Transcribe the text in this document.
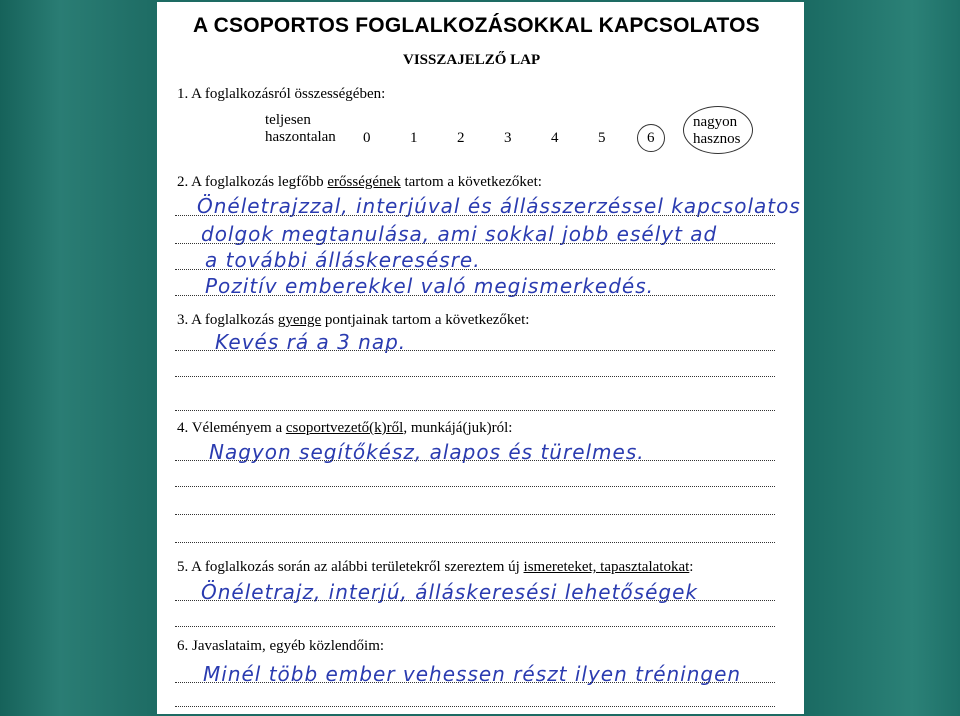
A CSOPORTOS FOGLALKOZÁSOKKAL KAPCSOLATOS
VISSZAJELZŐ LAP
1. A foglalkozásról összességében:
teljesen
haszontalan 0	1	2	3	4	5	6
nagyon
hasznos
2. A foglalkozás legfőbb erősségének tartom a következőket:
Önéletrajzzal, interjúval és állásszerzéssel kapcsolatos
dolgok megtanulása, ami sokkal jobb esélyt ad
a további álláskeresésre.
Pozitív emberekkel való megismerkedés.
3. A foglalkozás gyenge pontjainak tartom a következőket:
Kevés rá a 3 nap.
4. Véleményem a csoportvezető(k)ről, munkájá(juk)ról:
Nagyon segítőkész, alapos és türelmes.
5. A foglalkozás során az alábbi területekről szereztem új ismereteket, tapasztalatokat:
Önéletrajz, interjú, álláskeresési lehetőségek
6. Javaslataim, egyéb közlendőim:
Minél több ember vehessen részt ilyen tréningen
